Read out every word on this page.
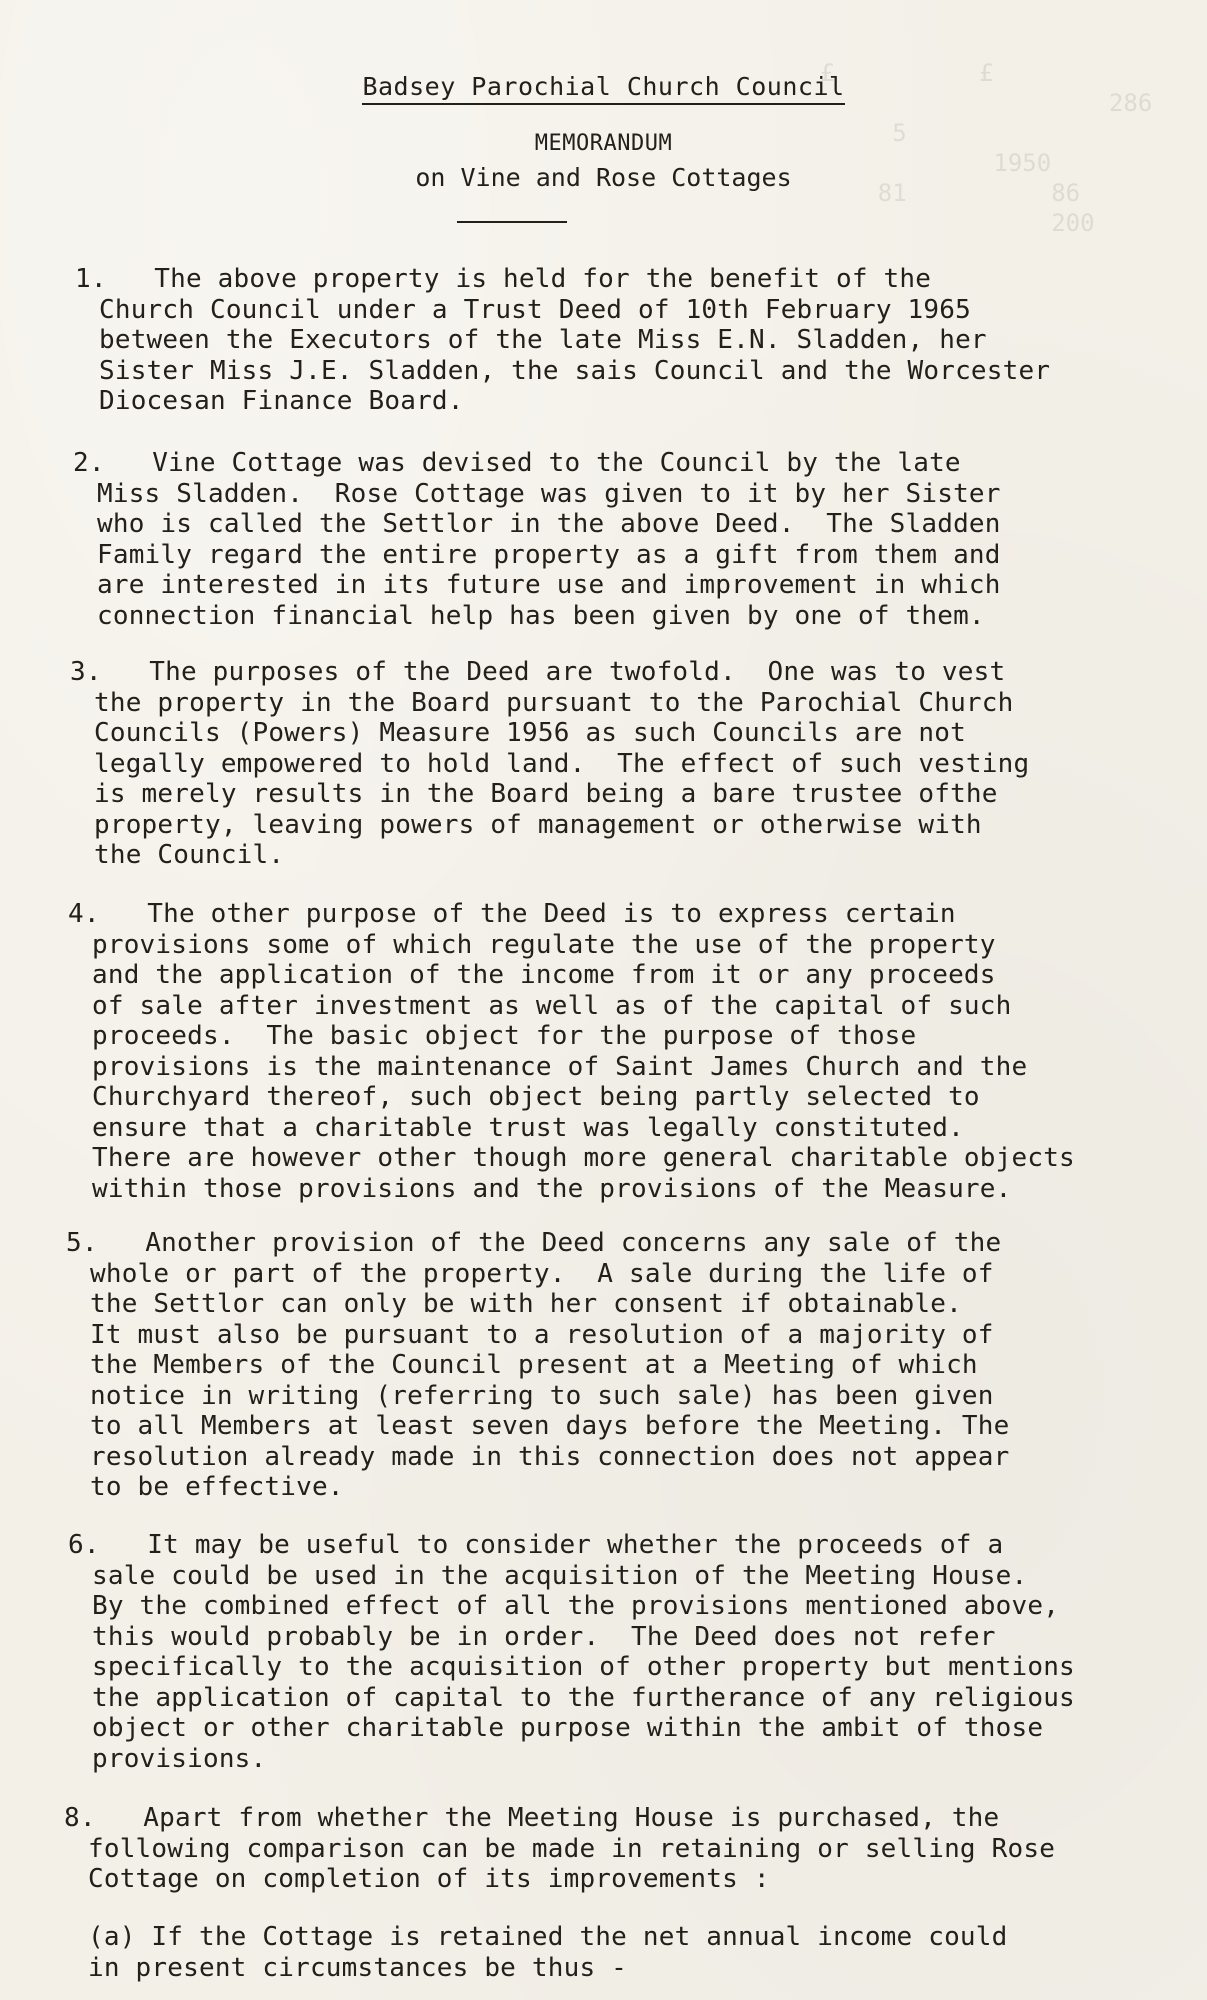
£          £
286
5
1950
81          86
200
Badsey Parochial Church Council
MEMORANDUM
on Vine and Rose Cottages
1.   The above property is held for the benefit of the
Church Council under a Trust Deed of 10th February 1965
between the Executors of the late Miss E.N. Sladden, her
Sister Miss J.E. Sladden, the sais Council and the Worcester
Diocesan Finance Board.
2.   Vine Cottage was devised to the Council by the late
Miss Sladden.  Rose Cottage was given to it by her Sister
who is called the Settlor in the above Deed.  The Sladden
Family regard the entire property as a gift from them and
are interested in its future use and improvement in which
connection financial help has been given by one of them.
3.   The purposes of the Deed are twofold.  One was to vest
the property in the Board pursuant to the Parochial Church
Councils (Powers) Measure 1956 as such Councils are not
legally empowered to hold land.  The effect of such vesting
is merely results in the Board being a bare trustee ofthe
property, leaving powers of management or otherwise with
the Council.
4.   The other purpose of the Deed is to express certain
provisions some of which regulate the use of the property
and the application of the income from it or any proceeds
of sale after investment as well as of the capital of such
proceeds.  The basic object for the purpose of those
provisions is the maintenance of Saint James Church and the
Churchyard thereof, such object being partly selected to
ensure that a charitable trust was legally constituted.
There are however other though more general charitable objects
within those provisions and the provisions of the Measure.
5.   Another provision of the Deed concerns any sale of the
whole or part of the property.  A sale during the life of
the Settlor can only be with her consent if obtainable.
It must also be pursuant to a resolution of a majority of
the Members of the Council present at a Meeting of which
notice in writing (referring to such sale) has been given
to all Members at least seven days before the Meeting. The
resolution already made in this connection does not appear
to be effective.
6.   It may be useful to consider whether the proceeds of a
sale could be used in the acquisition of the Meeting House.
By the combined effect of all the provisions mentioned above,
this would probably be in order.  The Deed does not refer
specifically to the acquisition of other property but mentions
the application of capital to the furtherance of any religious
object or other charitable purpose within the ambit of those
provisions.
8.   Apart from whether the Meeting House is purchased, the
following comparison can be made in retaining or selling Rose
Cottage on completion of its improvements :
(a) If the Cottage is retained the net annual income could
in present circumstances be thus -
